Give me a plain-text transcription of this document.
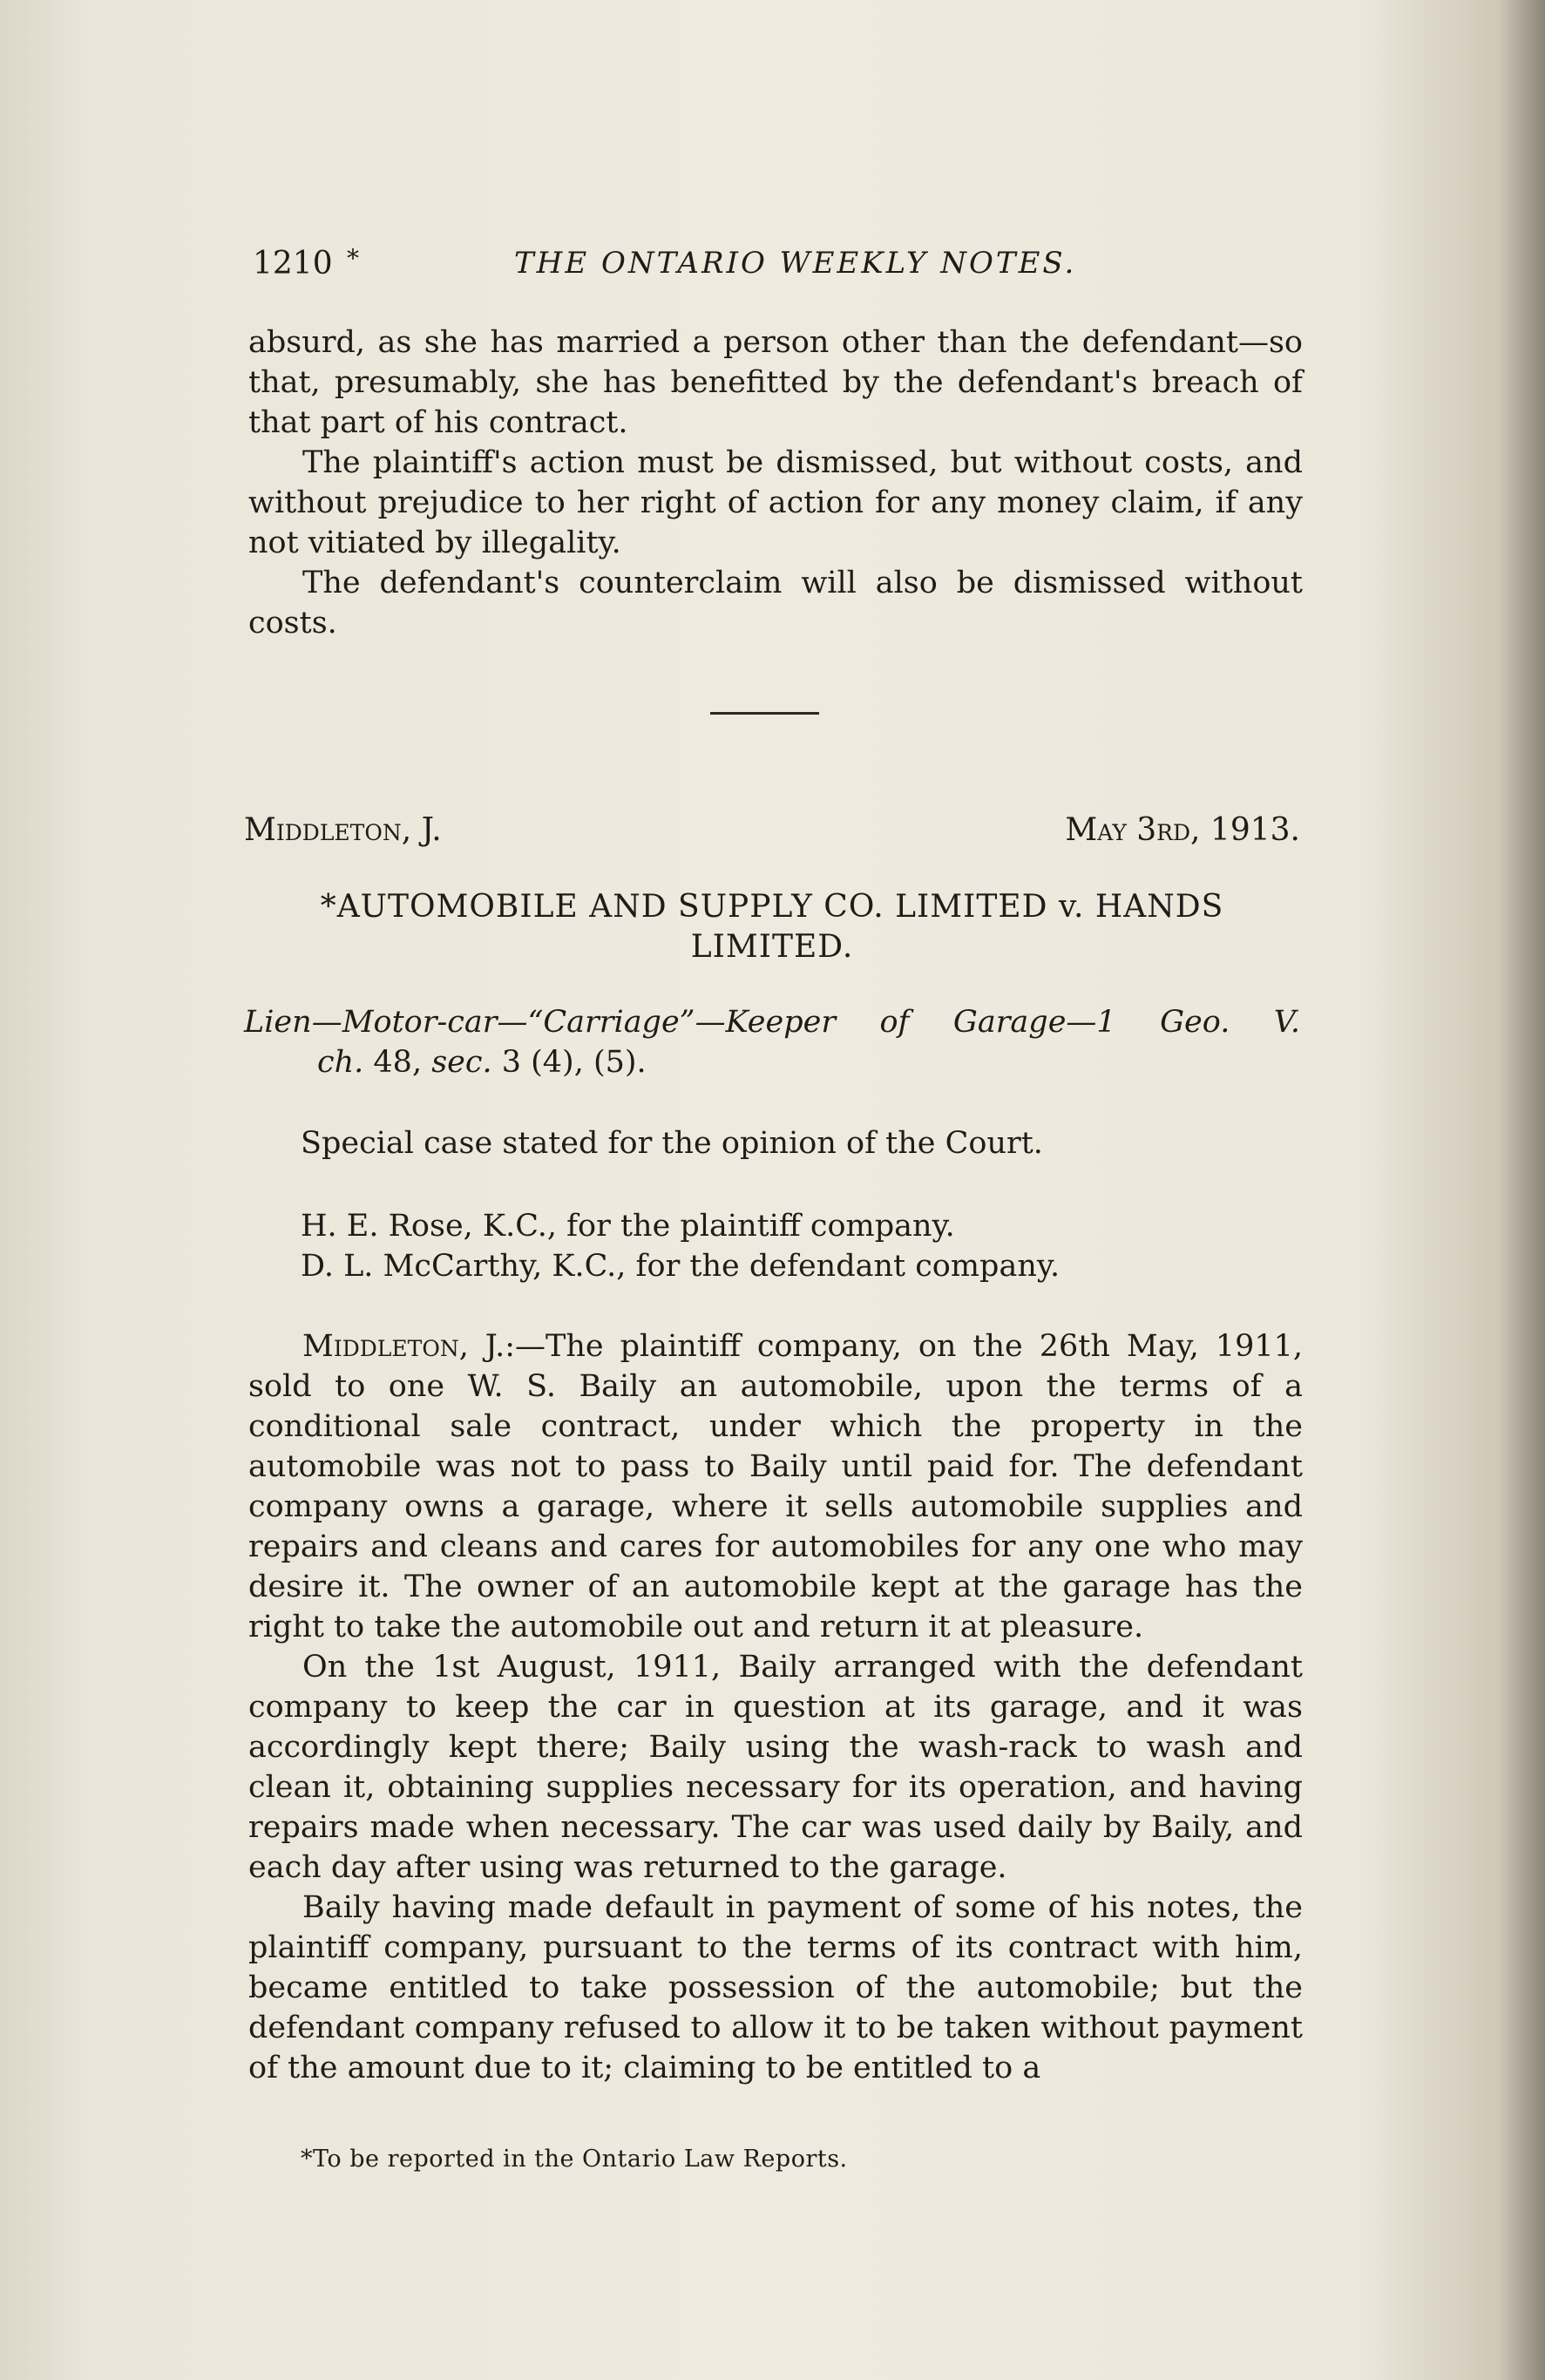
1210 *	THE ONTARIO WEEKLY NOTES.

absurd, as she has married a person other than the defendant—so that, presumably, she has benefitted by the defendant's breach of that part of his contract.

The plaintiff's action must be dismissed, but without costs, and without prejudice to her right of action for any money claim, if any not vitiated by illegality.

The defendant's counterclaim will also be dismissed without costs.

Middleton, J.	May 3rd, 1913.
*AUTOMOBILE AND SUPPLY CO. LIMITED v. HANDS LIMITED.
Lien—Motor-car—“Carriage”—Keeper of Garage—1 Geo. V.
ch. 48, sec. 3 (4), (5).
Special case stated for the opinion of the Court.
H. E. Rose, K.C., for the plaintiff company.
D. L. McCarthy, K.C., for the defendant company.

Middleton, J.:—The plaintiff company, on the 26th May, 1911, sold to one W. S. Baily an automobile, upon the terms of a conditional sale contract, under which the property in the automobile was not to pass to Baily until paid for. The defendant company owns a garage, where it sells automobile supplies and repairs and cleans and cares for automobiles for any one who may desire it. The owner of an automobile kept at the garage has the right to take the automobile out and return it at pleasure.

On the 1st August, 1911, Baily arranged with the defendant company to keep the car in question at its garage, and it was accordingly kept there; Baily using the wash-rack to wash and clean it, obtaining supplies necessary for its operation, and having repairs made when necessary. The car was used daily by Baily, and each day after using was returned to the garage.

Baily having made default in payment of some of his notes, the plaintiff company, pursuant to the terms of its contract with him, became entitled to take possession of the automobile; but the defendant company refused to allow it to be taken without payment of the amount due to it; claiming to be entitled to a

*To be reported in the Ontario Law Reports.
